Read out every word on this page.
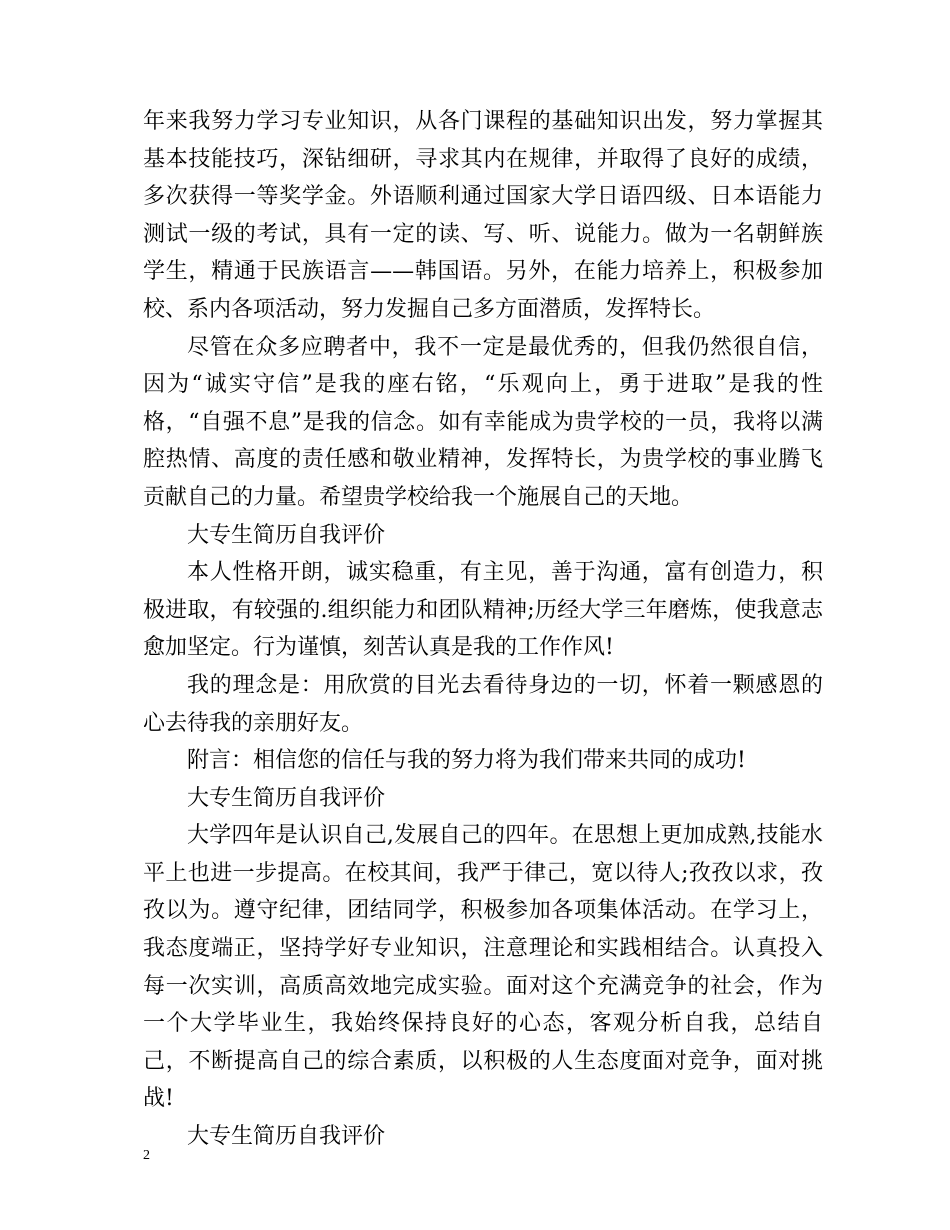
年来我努力学习专业知识，从各门课程的基础知识出发，努力掌握其基本技能技巧，深钻细研，寻求其内在规律，并取得了良好的成绩，多次获得一等奖学金。外语顺利通过国家大学日语四级、日本语能力测试一级的考试，具有一定的读、写、听、说能力。做为一名朝鲜族学生，精通于民族语言——韩国语。另外，在能力培养上，积极参加校、系内各项活动，努力发掘自己多方面潜质，发挥特长。

尽管在众多应聘者中，我不一定是最优秀的，但我仍然很自信，因为“诚实守信”是我的座右铭，“乐观向上，勇于进取”是我的性格，“自强不息”是我的信念。如有幸能成为贵学校的一员，我将以满腔热情、高度的责任感和敬业精神，发挥特长，为贵学校的事业腾飞贡献自己的力量。希望贵学校给我一个施展自己的天地。

大专生简历自我评价

本人性格开朗，诚实稳重，有主见，善于沟通，富有创造力，积极进取，有较强的.组织能力和团队精神;历经大学三年磨炼，使我意志愈加坚定。行为谨慎，刻苦认真是我的工作作风!

我的理念是：用欣赏的目光去看待身边的一切，怀着一颗感恩的心去待我的亲朋好友。

附言：相信您的信任与我的努力将为我们带来共同的成功!

大专生简历自我评价

大学四年是认识自己,发展自己的四年。在思想上更加成熟,技能水平上也进一步提高。在校其间，我严于律己，宽以待人;孜孜以求，孜孜以为。遵守纪律，团结同学，积极参加各项集体活动。在学习上，我态度端正，坚持学好专业知识，注意理论和实践相结合。认真投入每一次实训，高质高效地完成实验。面对这个充满竞争的社会，作为一个大学毕业生，我始终保持良好的心态，客观分析自我，总结自己，不断提高自己的综合素质，以积极的人生态度面对竞争，面对挑战!

大专生简历自我评价

2
